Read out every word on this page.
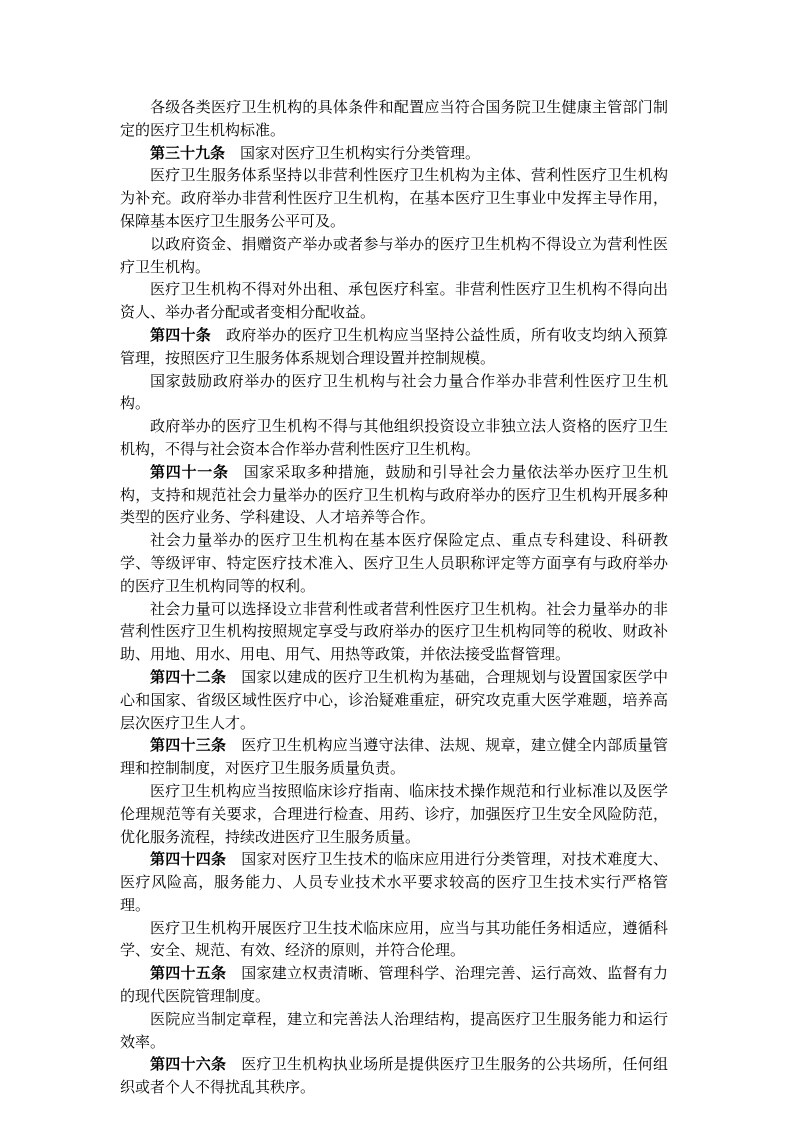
各级各类医疗卫生机构的具体条件和配置应当符合国务院卫生健康主管部门制定的医疗卫生机构标准。

第三十九条 国家对医疗卫生机构实行分类管理。

医疗卫生服务体系坚持以非营利性医疗卫生机构为主体、营利性医疗卫生机构为补充。政府举办非营利性医疗卫生机构，在基本医疗卫生事业中发挥主导作用，保障基本医疗卫生服务公平可及。

以政府资金、捐赠资产举办或者参与举办的医疗卫生机构不得设立为营利性医疗卫生机构。

医疗卫生机构不得对外出租、承包医疗科室。非营利性医疗卫生机构不得向出资人、举办者分配或者变相分配收益。

第四十条 政府举办的医疗卫生机构应当坚持公益性质，所有收支均纳入预算管理，按照医疗卫生服务体系规划合理设置并控制规模。

国家鼓励政府举办的医疗卫生机构与社会力量合作举办非营利性医疗卫生机构。

政府举办的医疗卫生机构不得与其他组织投资设立非独立法人资格的医疗卫生机构，不得与社会资本合作举办营利性医疗卫生机构。

第四十一条 国家采取多种措施，鼓励和引导社会力量依法举办医疗卫生机构，支持和规范社会力量举办的医疗卫生机构与政府举办的医疗卫生机构开展多种类型的医疗业务、学科建设、人才培养等合作。

社会力量举办的医疗卫生机构在基本医疗保险定点、重点专科建设、科研教学、等级评审、特定医疗技术准入、医疗卫生人员职称评定等方面享有与政府举办的医疗卫生机构同等的权利。

社会力量可以选择设立非营利性或者营利性医疗卫生机构。社会力量举办的非营利性医疗卫生机构按照规定享受与政府举办的医疗卫生机构同等的税收、财政补助、用地、用水、用电、用气、用热等政策，并依法接受监督管理。

第四十二条 国家以建成的医疗卫生机构为基础，合理规划与设置国家医学中心和国家、省级区域性医疗中心，诊治疑难重症，研究攻克重大医学难题，培养高层次医疗卫生人才。

第四十三条 医疗卫生机构应当遵守法律、法规、规章，建立健全内部质量管理和控制制度，对医疗卫生服务质量负责。

医疗卫生机构应当按照临床诊疗指南、临床技术操作规范和行业标准以及医学伦理规范等有关要求，合理进行检查、用药、诊疗，加强医疗卫生安全风险防范，优化服务流程，持续改进医疗卫生服务质量。

第四十四条 国家对医疗卫生技术的临床应用进行分类管理，对技术难度大、医疗风险高，服务能力、人员专业技术水平要求较高的医疗卫生技术实行严格管理。

医疗卫生机构开展医疗卫生技术临床应用，应当与其功能任务相适应，遵循科学、安全、规范、有效、经济的原则，并符合伦理。

第四十五条 国家建立权责清晰、管理科学、治理完善、运行高效、监督有力的现代医院管理制度。

医院应当制定章程，建立和完善法人治理结构，提高医疗卫生服务能力和运行效率。

第四十六条 医疗卫生机构执业场所是提供医疗卫生服务的公共场所，任何组织或者个人不得扰乱其秩序。
